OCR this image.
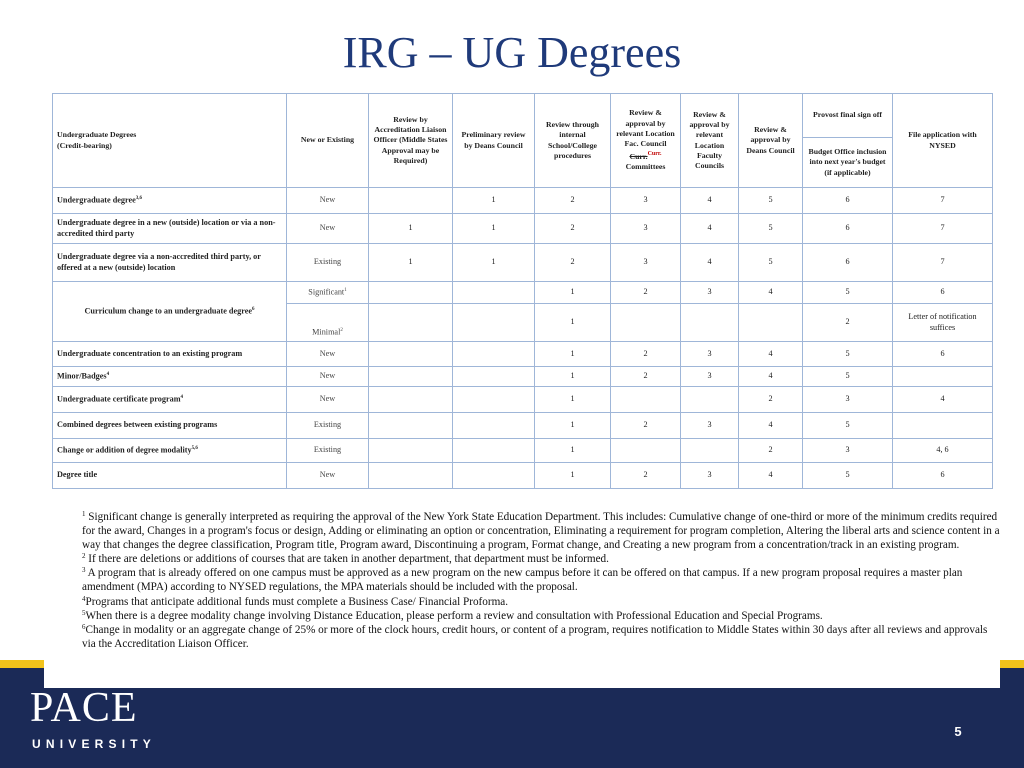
IRG – UG Degrees
Undergraduate Degrees
(Credit-bearing)	New or Existing	Review by Accreditation Liaison Officer (Middle States Approval may be Required)	Preliminary review by Deans Council	Review through internal School/College procedures	Review & approval by relevant Location Fac. Council Curr.$^{Curr.}$ Committees	Review & approval by relevant Location Faculty Councils	Review & approval by Deans Council	Provost final sign off	File application with NYSED
								Budget Office inclusion into next year's budget (if applicable)	
Undergraduate degree$^{3,6}$	New		1	2	3	4	5	6	7
Undergraduate degree in a new (outside) location or via a non-accredited third party	New	1	1	2	3	4	5	6	7
Undergraduate degree via a non-accredited third party, or offered at a new (outside) location	Existing	1	1	2	3	4	5	6	7
Curriculum change to an undergraduate degree$^6$	Significant$^1$			1	2	3	4	5	6
	Minimal$^2$			1				2	Letter of notification suffices
Undergraduate concentration to an existing program	New			1	2	3	4	5	6
Minor/Badges$^4$	New			1	2	3	4	5	
Undergraduate certificate program$^4$	New			1			2	3	4
Combined degrees between existing programs	Existing			1	2	3	4	5	
Change or addition of degree modality$^{5,6}$	Existing			1			2	3	4, 6
Degree title	New			1	2	3	4	5	6

$^1$ Significant change is generally interpreted as requiring the approval of the New York State Education Department. This includes: Cumulative change of one-third or more of the minimum credits required for the award, Changes in a program's focus or design, Adding or eliminating an option or concentration, Eliminating a requirement for program completion, Altering the liberal arts and science content in a way that changes the degree classification, Program title, Program award, Discontinuing a program, Format change, and Creating a new program from a concentration/track in an existing program.

$^2$ If there are deletions or additions of courses that are taken in another department, that department must be informed.

$^3$ A program that is already offered on one campus must be approved as a new program on the new campus before it can be offered on that campus. If a new program proposal requires a master plan amendment (MPA) according to NYSED regulations, the MPA materials should be included with the proposal.

$^4$Programs that anticipate additional funds must complete a Business Case/ Financial Proforma.

$^5$When there is a degree modality change involving Distance Education, please perform a review and consultation with Professional Education and Special Programs.

$^6$Change in modality or an aggregate change of 25% or more of the clock hours, credit hours, or content of a program, requires notification to Middle States within 30 days after all reviews and approvals via the Accreditation Liaison Officer.

PACE
UNIVERSITY
5
